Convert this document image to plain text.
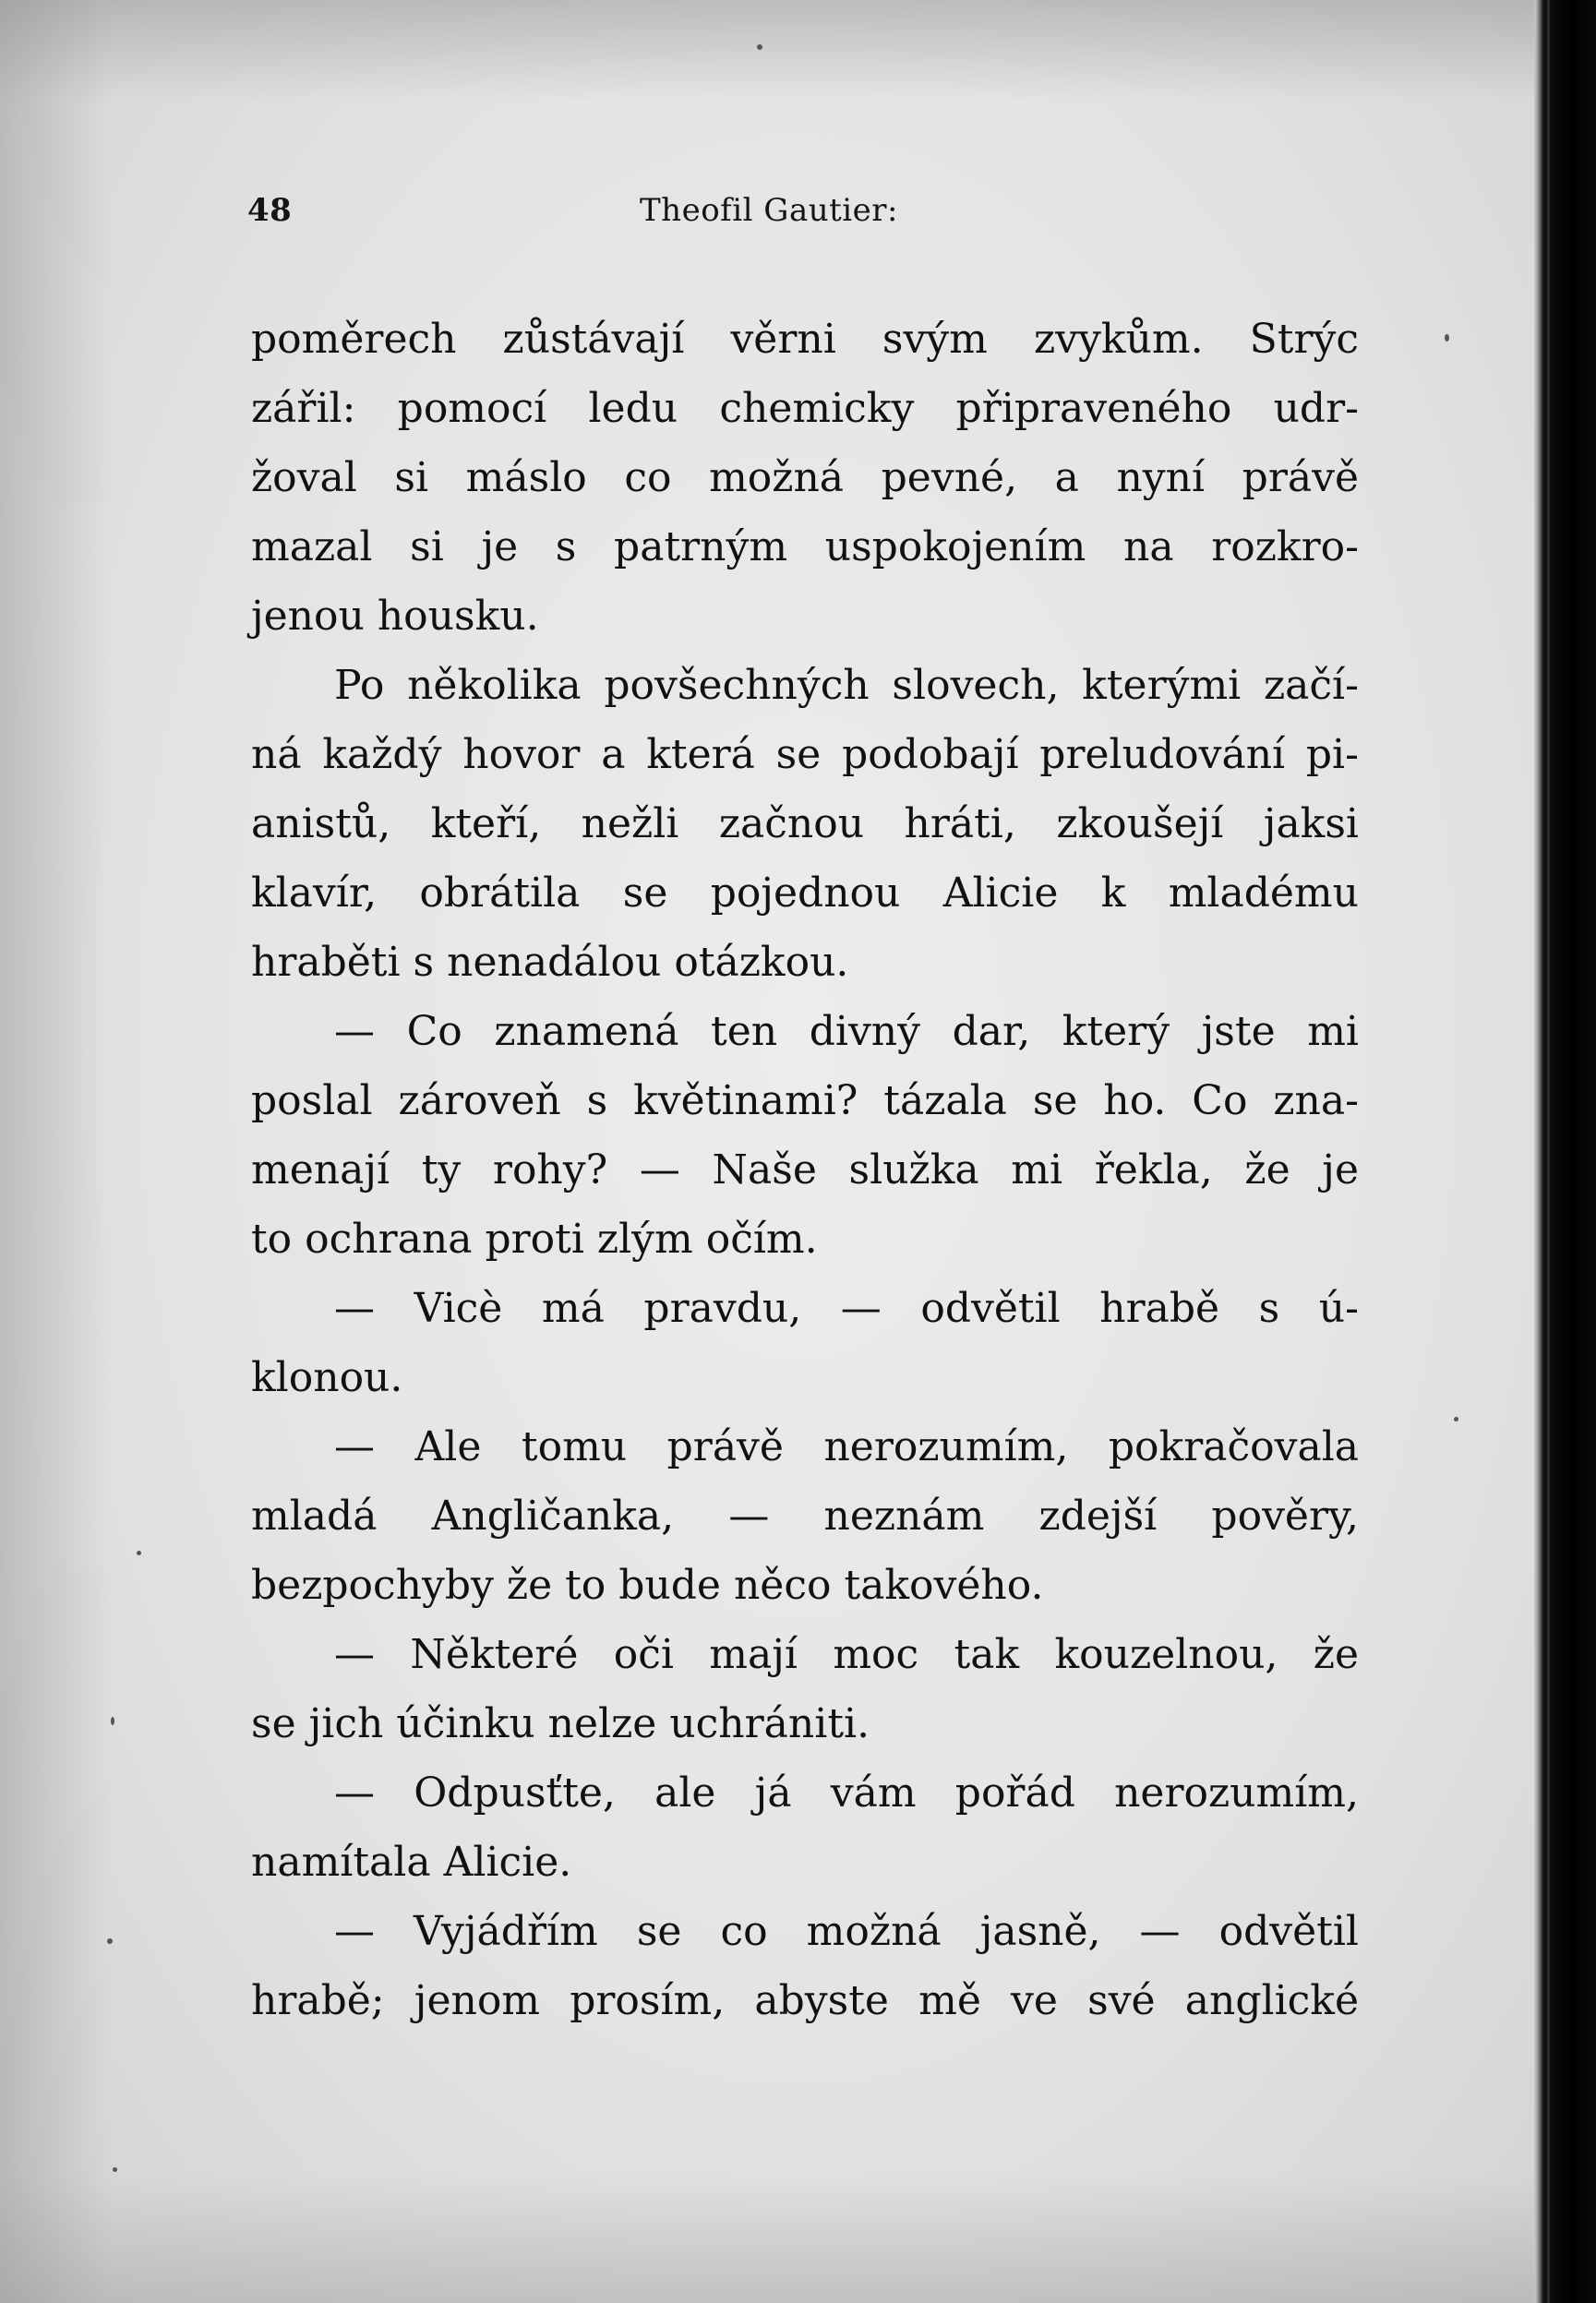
48	Theofil Gautier:
poměrech zůstávají věrni svým zvykům. Strýc
zářil: pomocí ledu chemicky připraveného udr-
žoval si máslo co možná pevné, a nyní právě
mazal si je s patrným uspokojením na rozkro-
jenou housku.
Po několika povšechných slovech, kterými začí-
ná každý hovor a která se podobají preludování pi-
anistů, kteří, nežli začnou hráti, zkoušejí jaksi
klavír, obrátila se pojednou Alicie k mladému
hraběti s nenadálou otázkou.
— Co znamená ten divný dar, který jste mi
poslal zároveň s květinami? tázala se ho. Co zna-
menají ty rohy? — Naše služka mi řekla, že je
to ochrana proti zlým očím.
— Vicè má pravdu, — odvětil hrabě s ú-
klonou.
— Ale tomu právě nerozumím, pokračovala
mladá Angličanka, — neznám zdejší pověry,
bezpochyby že to bude něco takového.
— Některé oči mají moc tak kouzelnou, že
se jich účinku nelze uchrániti.
— Odpusťte, ale já vám pořád nerozumím,
namítala Alicie.
— Vyjádřím se co možná jasně, — odvětil
hrabě; jenom prosím, abyste mě ve své anglické
